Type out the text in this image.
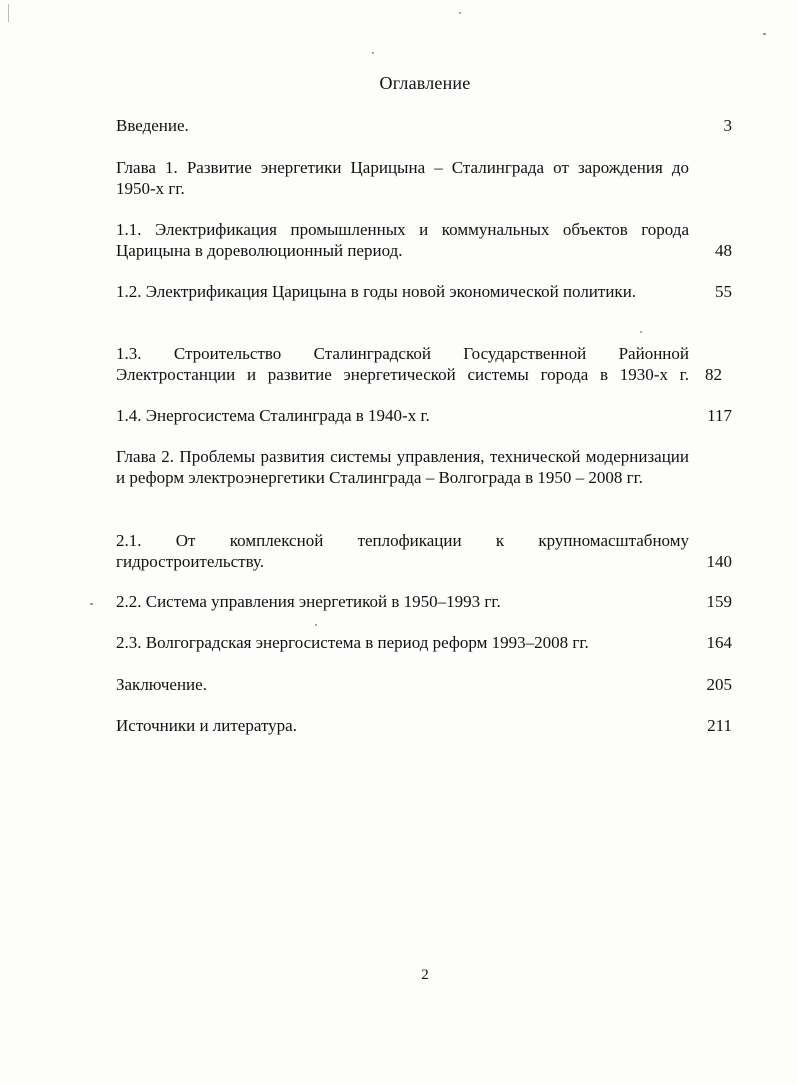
Оглавление
Введение.	3
Глава 1. Развитие энергетики Царицына – Сталинграда от зарождения до 1950-х гг.
1.1. Электрификация промышленных и коммунальных объектов города Царицына в дореволюционный период.	48
1.2. Электрификация Царицына в годы новой экономической политики.	55
1.3. Строительство Сталинградской Государственной Районной Электростанции и развитие энергетической системы города в 1930-х г. 82
1.4. Энергосистема Сталинграда в 1940-х г.	117
Глава 2. Проблемы развития системы управления, технической модернизации и реформ электроэнергетики Сталинграда – Волгограда в 1950 – 2008 гг.
2.1. От комплексной теплофикации к крупномасштабному гидростроительству.	140
2.2. Система управления энергетикой в 1950–1993 гг.	159
2.3. Волгоградская энергосистема в период реформ 1993–2008 гг.	164
Заключение.	205
Источники и литература.	211
2
